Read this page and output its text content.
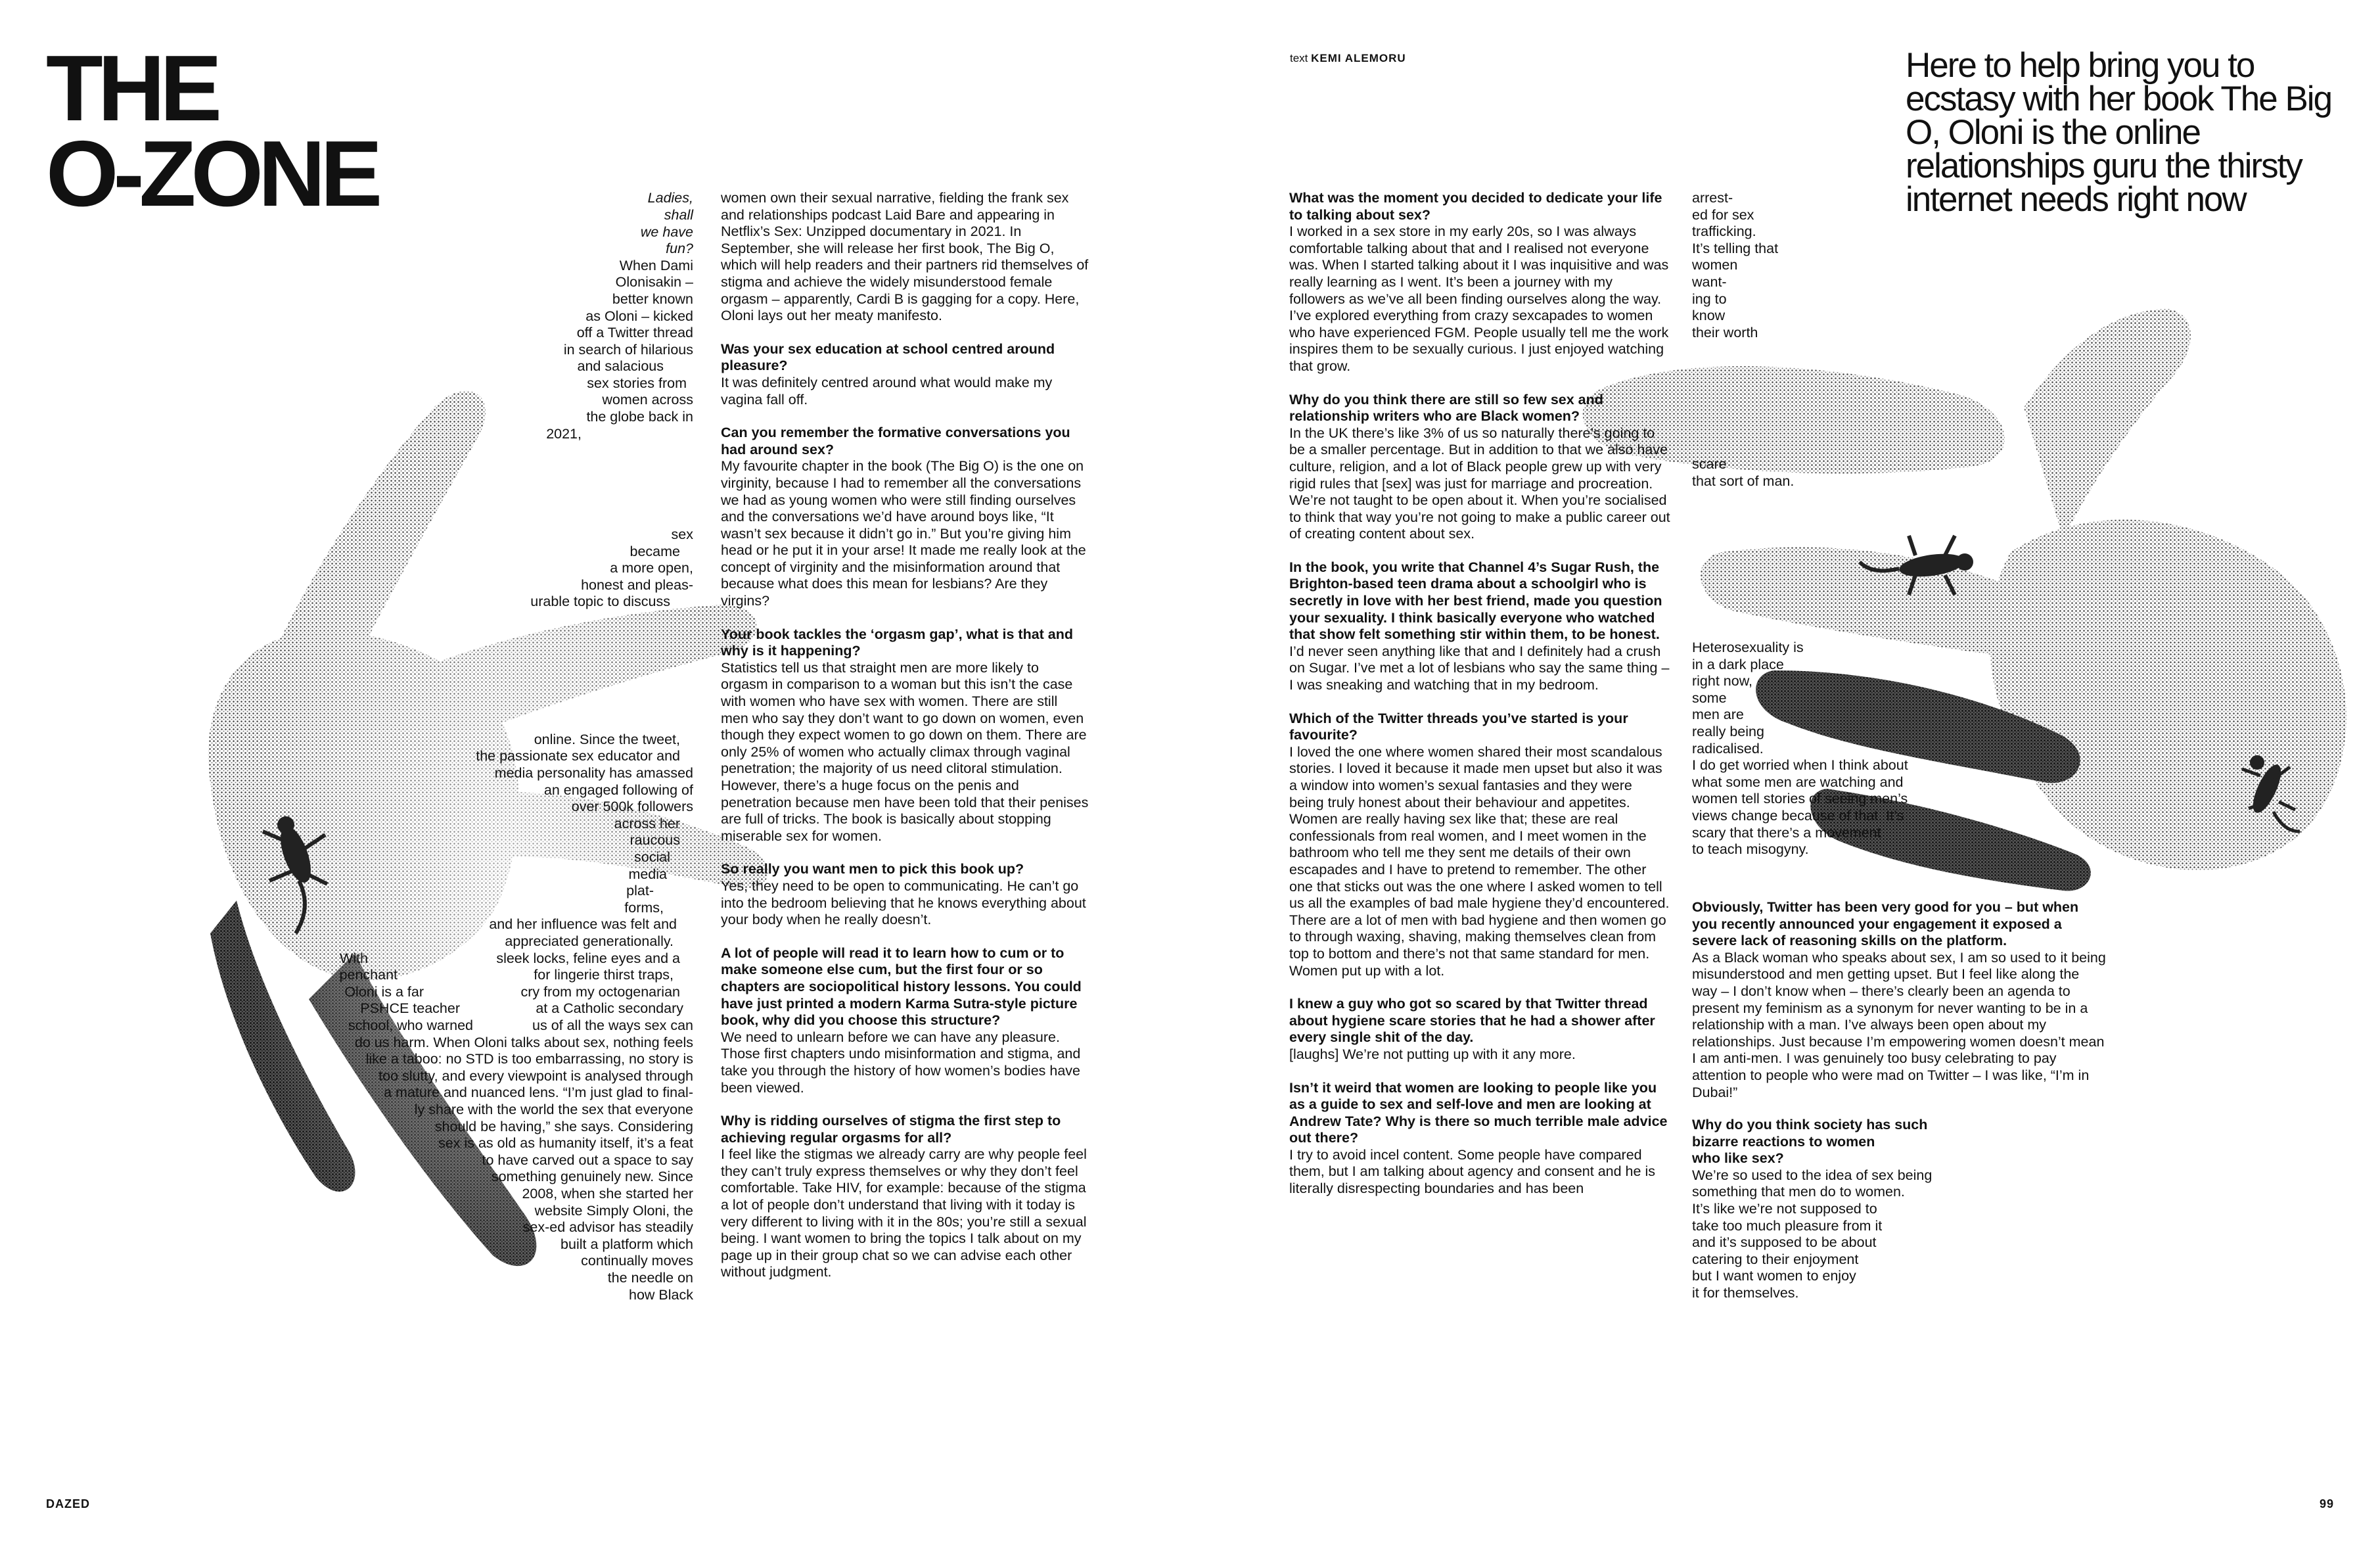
THE
O-ZONE
text KEMI ALEMORU	Here to help bring you to ecstasy with her book The Big O, Oloni is the online relationships guru the thirsty internet needs right now
Ladies,
shall
we have
fun?
When Dami
Olonisakin –
better known
as Oloni – kicked
off a Twitter thread
in search of hilarious
and salacious
sex stories from
women across
the globe back in
2021,
sex
became
a more open,
honest and pleas-
urable topic to discuss
online. Since the tweet,
the passionate sex educator and
media personality has amassed
an engaged following of
over 500k followers
across her
raucous
social
media
plat-
forms,
and her influence was felt and
appreciated generationally.
With	sleek locks, feline eyes and a
penchant	for lingerie thirst traps,
Oloni is a far	cry from my octogenarian
PSHCE teacher	at a Catholic secondary
school, who warned	us of all the ways sex can
do us harm. When Oloni talks about sex, nothing feels
like a taboo: no STD is too embarrassing, no story is
too slutty, and every viewpoint is analysed through
a mature and nuanced lens. “I’m just glad to final-
ly share with the world the sex that everyone
should be having,” she says. Considering
sex is as old as humanity itself, it’s a feat
to have carved out a space to say
something genuinely new. Since
2008, when she started her
website Simply Oloni, the
sex-ed advisor has steadily
built a platform which
continually moves
the needle on
how Black

women own their sexual narrative, fielding the frank sex and relationships podcast Laid Bare and appearing in Netflix’s Sex: Unzipped documentary in 2021. In September, she will release her first book, The Big O, which will help readers and their partners rid themselves of stigma and achieve the widely misunderstood female orgasm – apparently, Cardi B is gagging for a copy. Here, Oloni lays out her meaty manifesto.

Was your sex education at school centred around pleasure?
It was definitely centred around what would make my vagina fall off.
Can you remember the formative conversations you had around sex?
My favourite chapter in the book (The Big O) is the one on virginity, because I had to remember all the conversations we had as young women who were still finding ourselves and the conversations we’d have around boys like, “It wasn’t sex because it didn’t go in.” But you’re giving him head or he put it in your arse! It made me really look at the concept of virginity and the misinformation around that because what does this mean for lesbians? Are they virgins?
Your book tackles the ‘orgasm gap’, what is that and why is it happening?
Statistics tell us that straight men are more likely to orgasm in comparison to a woman but this isn’t the case with women who have sex with women. There are still men who say they don’t want to go down on women, even though they expect women to go down on them. There are only 25% of women who actually climax through vaginal penetration; the majority of us need clitoral stimulation. However, there’s a huge focus on the penis and penetration because men have been told that their penises are full of tricks. The book is basically about stopping miserable sex for women.
So really you want men to pick this book up?
Yes, they need to be open to communicating. He can’t go into the bedroom believing that he knows everything about your body when he really doesn’t.
A lot of people will read it to learn how to cum or to make someone else cum, but the first four or so chapters are sociopolitical history lessons. You could have just printed a modern Karma Sutra-style picture book, why did you choose this structure?
We need to unlearn before we can have any pleasure. Those first chapters undo misinformation and stigma, and take you through the history of how women’s bodies have been viewed.
Why is ridding ourselves of stigma the first step to achieving regular orgasms for all?
I feel like the stigmas we already carry are why people feel they can’t truly express themselves or why they don’t feel comfortable. Take HIV, for example: because of the stigma a lot of people don’t understand that living with it today is very different to living with it in the 80s; you’re still a sexual being. I want women to bring the topics I talk about on my page up in their group chat so we can advise each other without judgment.
What was the moment you decided to dedicate your life to talking about sex?
I worked in a sex store in my early 20s, so I was always comfortable talking about that and I realised not everyone was. When I started talking about it I was inquisitive and was really learning as I went. It’s been a journey with my followers as we’ve all been finding ourselves along the way. I’ve explored everything from crazy sexcapades to women who have experienced FGM. People usually tell me the work inspires them to be sexually curious. I just enjoyed watching that grow.
Why do you think there are still so few sex and relationship writers who are Black women?
In the UK there’s like 3% of us so naturally there’s going to be a smaller percentage. But in addition to that we also have culture, religion, and a lot of Black people grew up with very rigid rules that [sex] was just for marriage and procreation. We’re not taught to be open about it. When you’re socialised to think that way you’re not going to make a public career out of creating content about sex.
In the book, you write that Channel 4’s Sugar Rush, the Brighton-based teen drama about a schoolgirl who is secretly in love with her best friend, made you question your sexuality. I think basically everyone who watched that show felt something stir within them, to be honest.
I’d never seen anything like that and I definitely had a crush on Sugar. I’ve met a lot of lesbians who say the same thing – I was sneaking and watching that in my bedroom.
Which of the Twitter threads you’ve started is your favourite?
I loved the one where women shared their most scandalous stories. I loved it because it made men upset but also it was a window into women’s sexual fantasies and they were being truly honest about their behaviour and appetites. Women are really having sex like that; these are real confessionals from real women, and I meet women in the bathroom who tell me they sent me details of their own escapades and I have to pretend to remember. The other one that sticks out was the one where I asked women to tell us all the examples of bad male hygiene they’d encountered. There are a lot of men with bad hygiene and then women go to through waxing, shaving, making themselves clean from top to bottom and there’s not that same standard for men. Women put up with a lot.
I knew a guy who got so scared by that Twitter thread about hygiene scare stories that he had a shower after every single shit of the day.
[laughs] We’re not putting up with it any more.
Isn’t it weird that women are looking to people like you as a guide to sex and self-love and men are looking at Andrew Tate? Why is there so much terrible male advice out there?
I try to avoid incel content. Some people have compared them, but I am talking about agency and consent and he is literally disrespecting boundaries and has been
arrest-
ed for sex
trafficking.
It’s telling that
women
want-
ing to
know
their worth
scare
that sort of man.
Heterosexuality is
in a dark place
right now,
some
men are
really being
radicalised.
I do get worried when I think about
what some men are watching and
women tell stories of seeing men’s
views change because of that. It’s
scary that there’s a movement
to teach misogyny.
Obviously, Twitter has been very good for you – but when you recently announced your engagement it exposed a severe lack of reasoning skills on the platform.
As a Black woman who speaks about sex, I am so used to it being misunderstood and men getting upset. But I feel like along the way – I don’t know when – there’s clearly been an agenda to present my feminism as a synonym for never wanting to be in a relationship with a man. I’ve always been open about my relationships. Just because I’m empowering women doesn’t mean I am anti-men. I was genuinely too busy celebrating to pay attention to people who were mad on Twitter – I was like, “I’m in Dubai!”
Why do you think society has such
bizarre reactions to women
who like sex?
We’re so used to the idea of sex being
something that men do to women.
It’s like we’re not supposed to
take too much pleasure from it
and it’s supposed to be about
catering to their enjoyment
but I want women to enjoy
it for themselves.
DAZED	99
